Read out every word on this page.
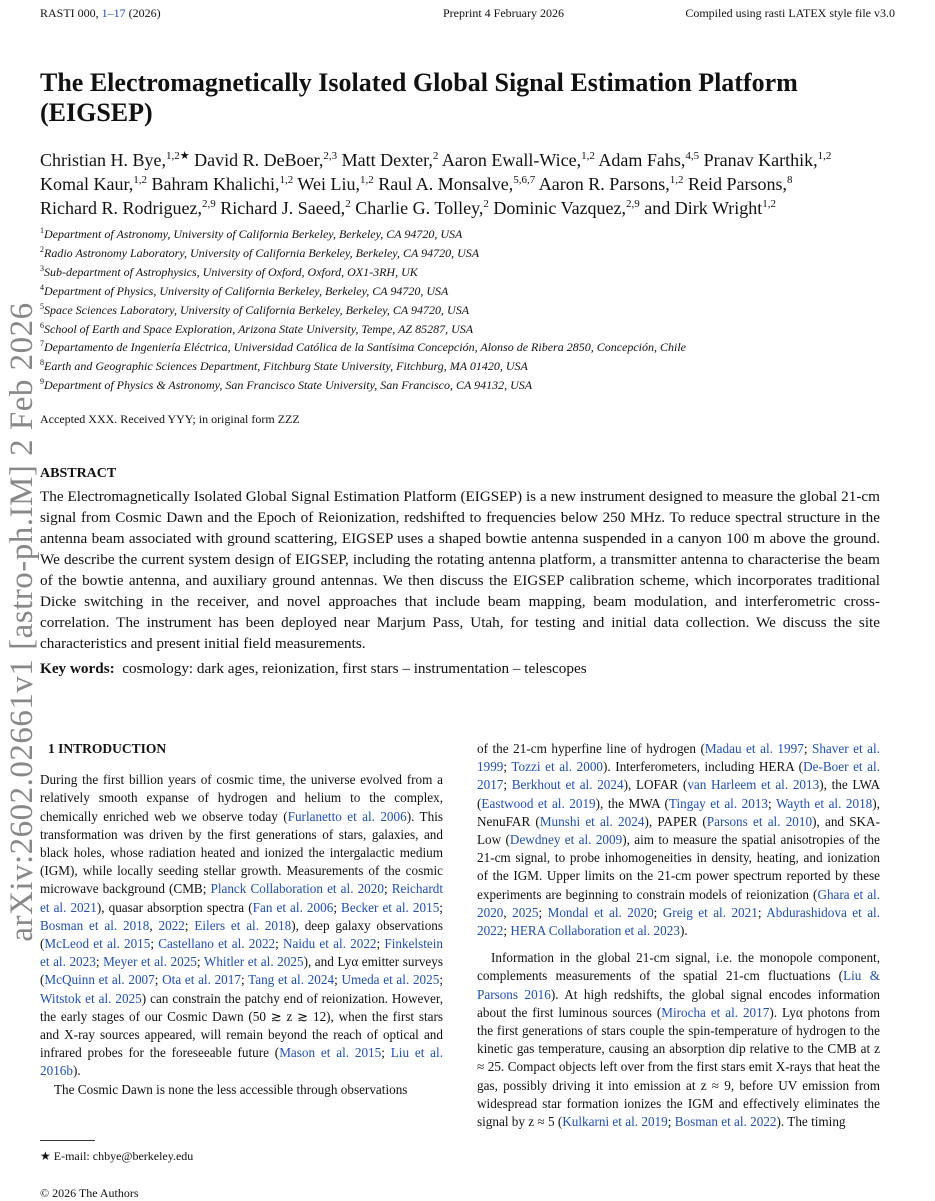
RASTI 000, 1–17 (2026)	Preprint 4 February 2026	Compiled using rasti LATEX style file v3.0
arXiv:2602.02661v1 [astro-ph.IM] 2 Feb 2026
The Electromagnetically Isolated Global Signal Estimation Platform (EIGSEP)
Christian H. Bye,$^{1,2★}$ David R. DeBoer,$^{2,3}$ Matt Dexter,$^2$ Aaron Ewall-Wice,$^{1,2}$ Adam Fahs,$^{4,5}$ Pranav Karthik,$^{1,2}$
Komal Kaur,$^{1,2}$ Bahram Khalichi,$^{1,2}$ Wei Liu,$^{1,2}$ Raul A. Monsalve,$^{5,6,7}$ Aaron R. Parsons,$^{1,2}$ Reid Parsons,$^8$
Richard R. Rodriguez,$^{2,9}$ Richard J. Saeed,$^2$ Charlie G. Tolley,$^2$ Dominic Vazquez,$^{2,9}$ and Dirk Wright$^{1,2}$
$^1$Department of Astronomy, University of California Berkeley, Berkeley, CA 94720, USA
$^2$Radio Astronomy Laboratory, University of California Berkeley, Berkeley, CA 94720, USA
$^3$Sub-department of Astrophysics, University of Oxford, Oxford, OX1-3RH, UK
$^4$Department of Physics, University of California Berkeley, Berkeley, CA 94720, USA
$^5$Space Sciences Laboratory, University of California Berkeley, Berkeley, CA 94720, USA
$^6$School of Earth and Space Exploration, Arizona State University, Tempe, AZ 85287, USA
$^7$Departamento de Ingeniería Eléctrica, Universidad Católica de la Santísima Concepción, Alonso de Ribera 2850, Concepción, Chile
$^8$Earth and Geographic Sciences Department, Fitchburg State University, Fitchburg, MA 01420, USA
$^9$Department of Physics & Astronomy, San Francisco State University, San Francisco, CA 94132, USA
Accepted XXX. Received YYY; in original form ZZZ
ABSTRACT

The Electromagnetically Isolated Global Signal Estimation Platform (EIGSEP) is a new instrument designed to measure the global 21-cm signal from Cosmic Dawn and the Epoch of Reionization, redshifted to frequencies below 250 MHz. To reduce spectral structure in the antenna beam associated with ground scattering, EIGSEP uses a shaped bowtie antenna suspended in a canyon 100 m above the ground. We describe the current system design of EIGSEP, including the rotating antenna platform, a transmitter antenna to characterise the beam of the bowtie antenna, and auxiliary ground antennas. We then discuss the EIGSEP calibration scheme, which incorporates traditional Dicke switching in the receiver, and novel approaches that include beam mapping, beam modulation, and interferometric cross-correlation. The instrument has been deployed near Marjum Pass, Utah, for testing and initial data collection. We discuss the site characteristics and present initial field measurements.

Key words: cosmology: dark ages, reionization, first stars – instrumentation – telescopes
1 INTRODUCTION

During the first billion years of cosmic time, the universe evolved from a relatively smooth expanse of hydrogen and helium to the complex, chemically enriched web we observe today (Furlanetto et al. 2006). This transformation was driven by the first generations of stars, galaxies, and black holes, whose radiation heated and ionized the intergalactic medium (IGM), while locally seeding stellar growth. Measurements of the cosmic microwave background (CMB; Planck Collaboration et al. 2020; Reichardt et al. 2021), quasar absorption spectra (Fan et al. 2006; Becker et al. 2015; Bosman et al. 2018, 2022; Eilers et al. 2018), deep galaxy observations (McLeod et al. 2015; Castellano et al. 2022; Naidu et al. 2022; Finkelstein et al. 2023; Meyer et al. 2025; Whitler et al. 2025), and Lyα emitter surveys (McQuinn et al. 2007; Ota et al. 2017; Tang et al. 2024; Umeda et al. 2025; Witstok et al. 2025) can constrain the patchy end of reionization. However, the early stages of our Cosmic Dawn (50 ≳ z ≳ 12), when the first stars and X-ray sources appeared, will remain beyond the reach of optical and infrared probes for the foreseeable future (Mason et al. 2015; Liu et al. 2016b).

The Cosmic Dawn is none the less accessible through observations

of the 21-cm hyperfine line of hydrogen (Madau et al. 1997; Shaver et al. 1999; Tozzi et al. 2000). Interferometers, including HERA (De-Boer et al. 2017; Berkhout et al. 2024), LOFAR (van Harleem et al. 2013), the LWA (Eastwood et al. 2019), the MWA (Tingay et al. 2013; Wayth et al. 2018), NenuFAR (Munshi et al. 2024), PAPER (Parsons et al. 2010), and SKA-Low (Dewdney et al. 2009), aim to measure the spatial anisotropies of the 21-cm signal, to probe inhomogeneities in density, heating, and ionization of the IGM. Upper limits on the 21-cm power spectrum reported by these experiments are beginning to constrain models of reionization (Ghara et al. 2020, 2025; Mondal et al. 2020; Greig et al. 2021; Abdurashidova et al. 2022; HERA Collaboration et al. 2023).

Information in the global 21-cm signal, i.e. the monopole component, complements measurements of the spatial 21-cm fluctuations (Liu & Parsons 2016). At high redshifts, the global signal encodes information about the first luminous sources (Mirocha et al. 2017). Lyα photons from the first generations of stars couple the spin-temperature of hydrogen to the kinetic gas temperature, causing an absorption dip relative to the CMB at z ≈ 25. Compact objects left over from the first stars emit X-rays that heat the gas, possibly driving it into emission at z ≈ 9, before UV emission from widespread star formation ionizes the IGM and effectively eliminates the signal by z ≈ 5 (Kulkarni et al. 2019; Bosman et al. 2022). The timing

★ E-mail: chbye@berkeley.edu
© 2026 The Authors
